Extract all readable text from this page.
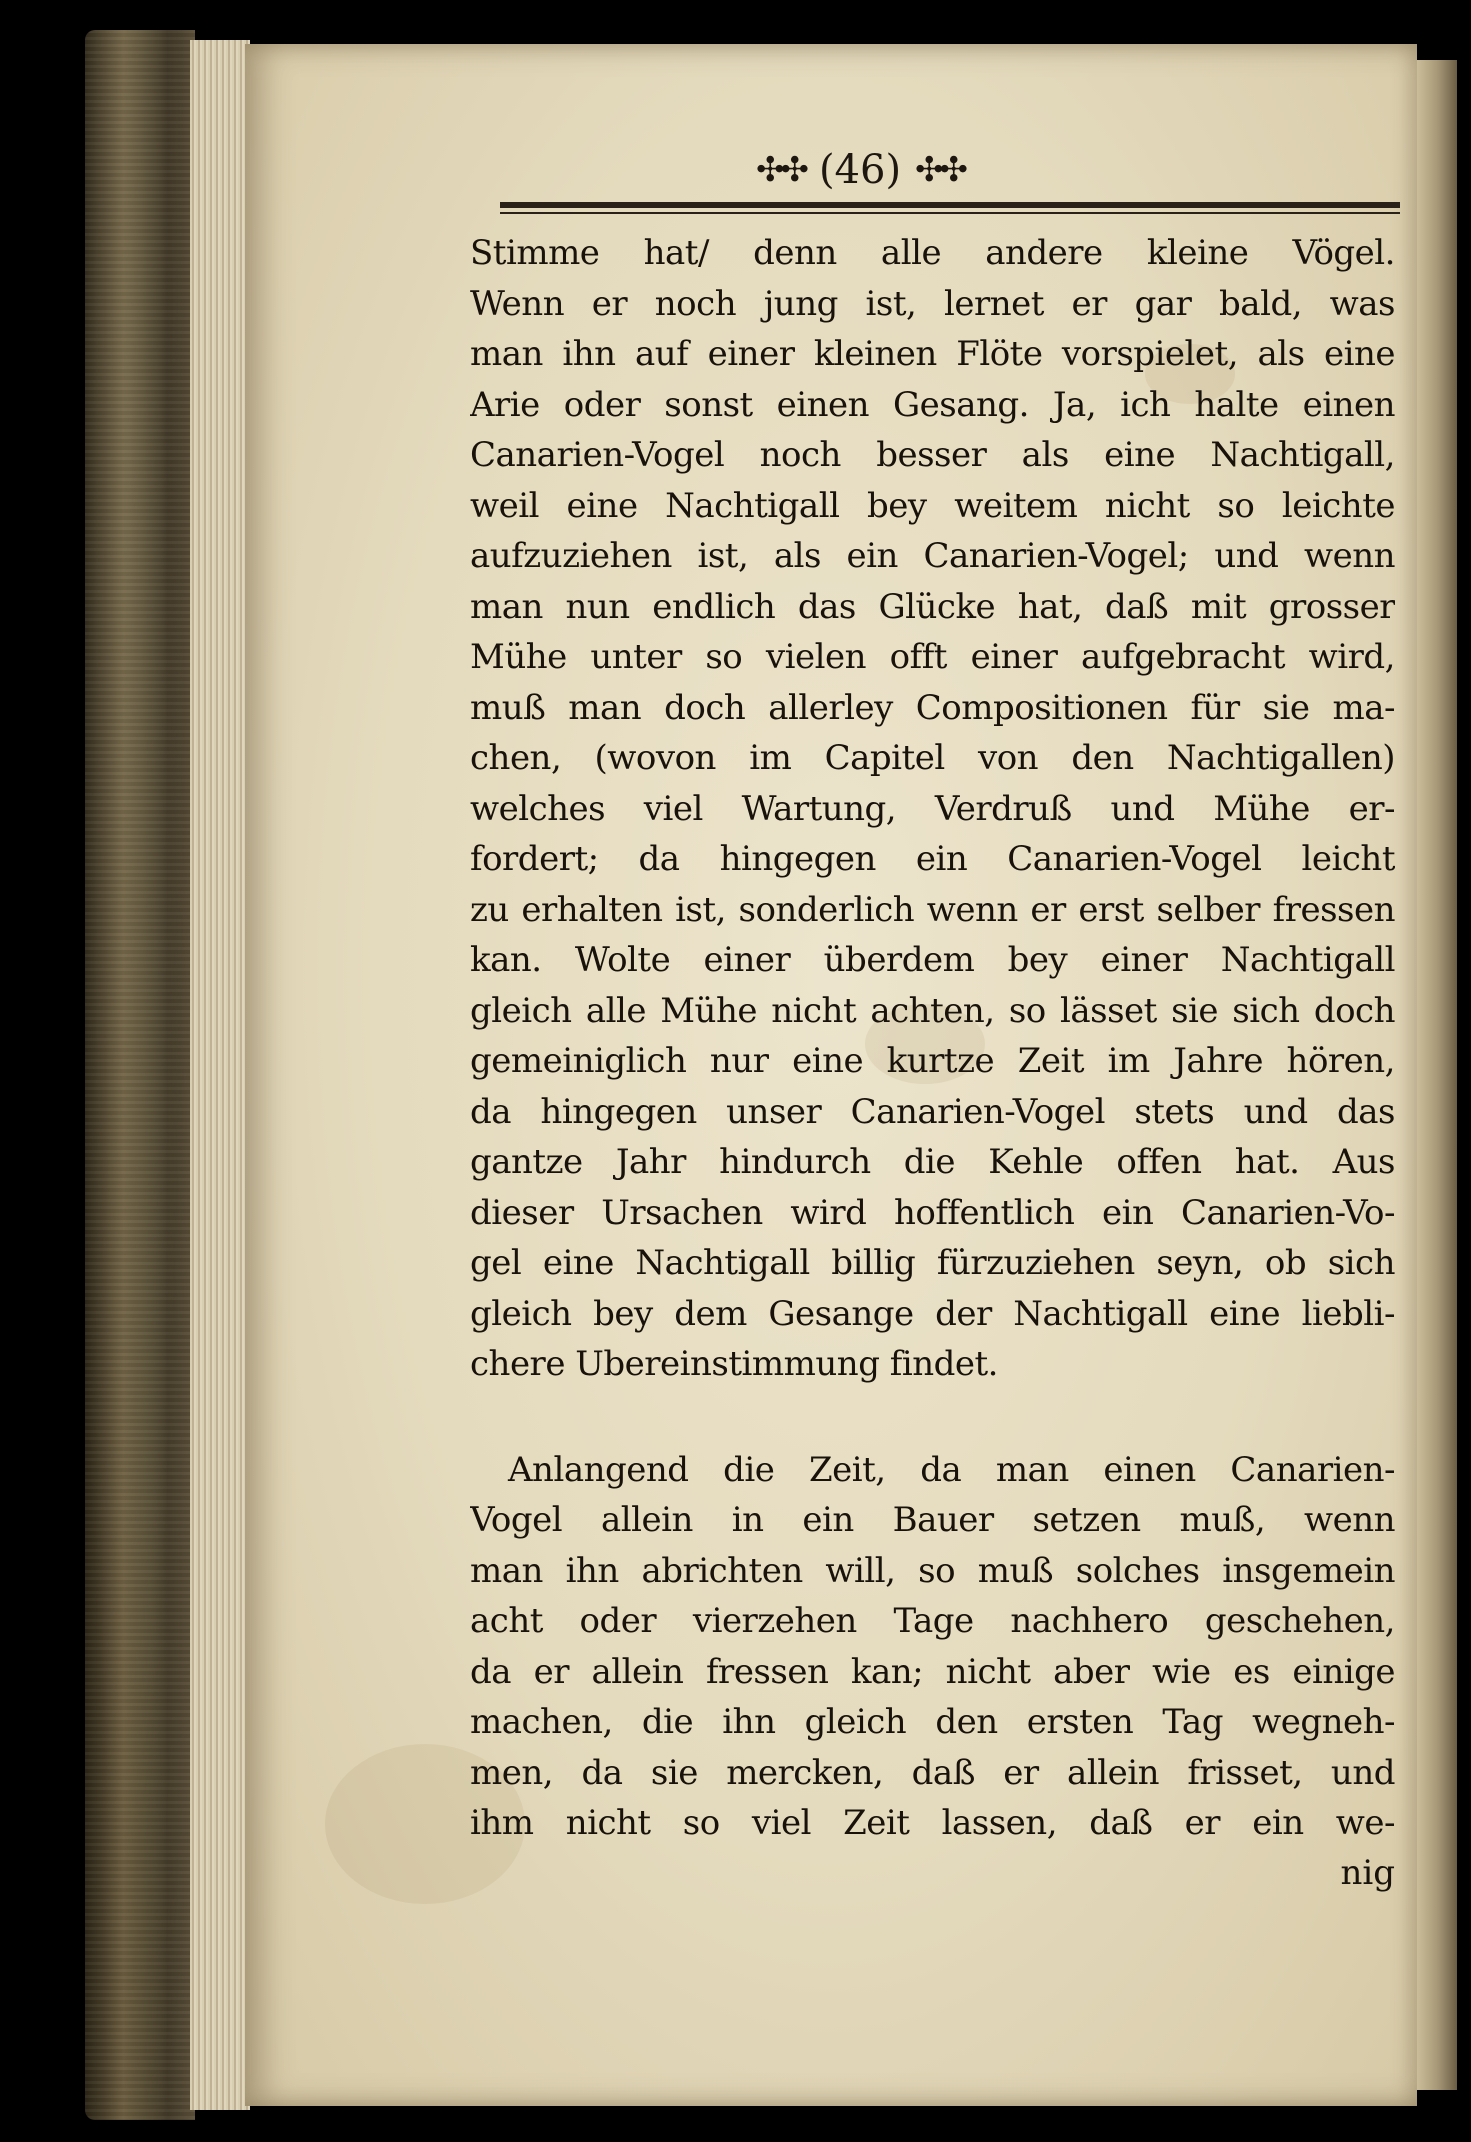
✣✣ (46) ✣✣
Stimme hat/ denn alle andere kleine Vögel.
Wenn er noch jung ist, lernet er gar bald, was
man ihn auf einer kleinen Flöte vorspielet, als eine
Arie oder sonst einen Gesang. Ja, ich halte einen
Canarien-Vogel noch besser als eine Nachtigall,
weil eine Nachtigall bey weitem nicht so leichte
aufzuziehen ist, als ein Canarien-Vogel; und wenn
man nun endlich das Glücke hat, daß mit grosser
Mühe unter so vielen offt einer aufgebracht wird,
muß man doch allerley Compositionen für sie ma-
chen, (wovon im Capitel von den Nachtigallen)
welches viel Wartung, Verdruß und Mühe er-
fordert; da hingegen ein Canarien-Vogel leicht
zu erhalten ist, sonderlich wenn er erst selber fressen
kan. Wolte einer überdem bey einer Nachtigall
gleich alle Mühe nicht achten, so lässet sie sich doch
gemeiniglich nur eine kurtze Zeit im Jahre hören,
da hingegen unser Canarien-Vogel stets und das
gantze Jahr hindurch die Kehle offen hat. Aus
dieser Ursachen wird hoffentlich ein Canarien-Vo-
gel eine Nachtigall billig fürzuziehen seyn, ob sich
gleich bey dem Gesange der Nachtigall eine liebli-
chere Ubereinstimmung findet.
Anlangend die Zeit, da man einen Canarien-
Vogel allein in ein Bauer setzen muß, wenn
man ihn abrichten will, so muß solches insgemein
acht oder vierzehen Tage nachhero geschehen,
da er allein fressen kan; nicht aber wie es einige
machen, die ihn gleich den ersten Tag wegneh-
men, da sie mercken, daß er allein frisset, und
ihm nicht so viel Zeit lassen, daß er ein we-
nig
